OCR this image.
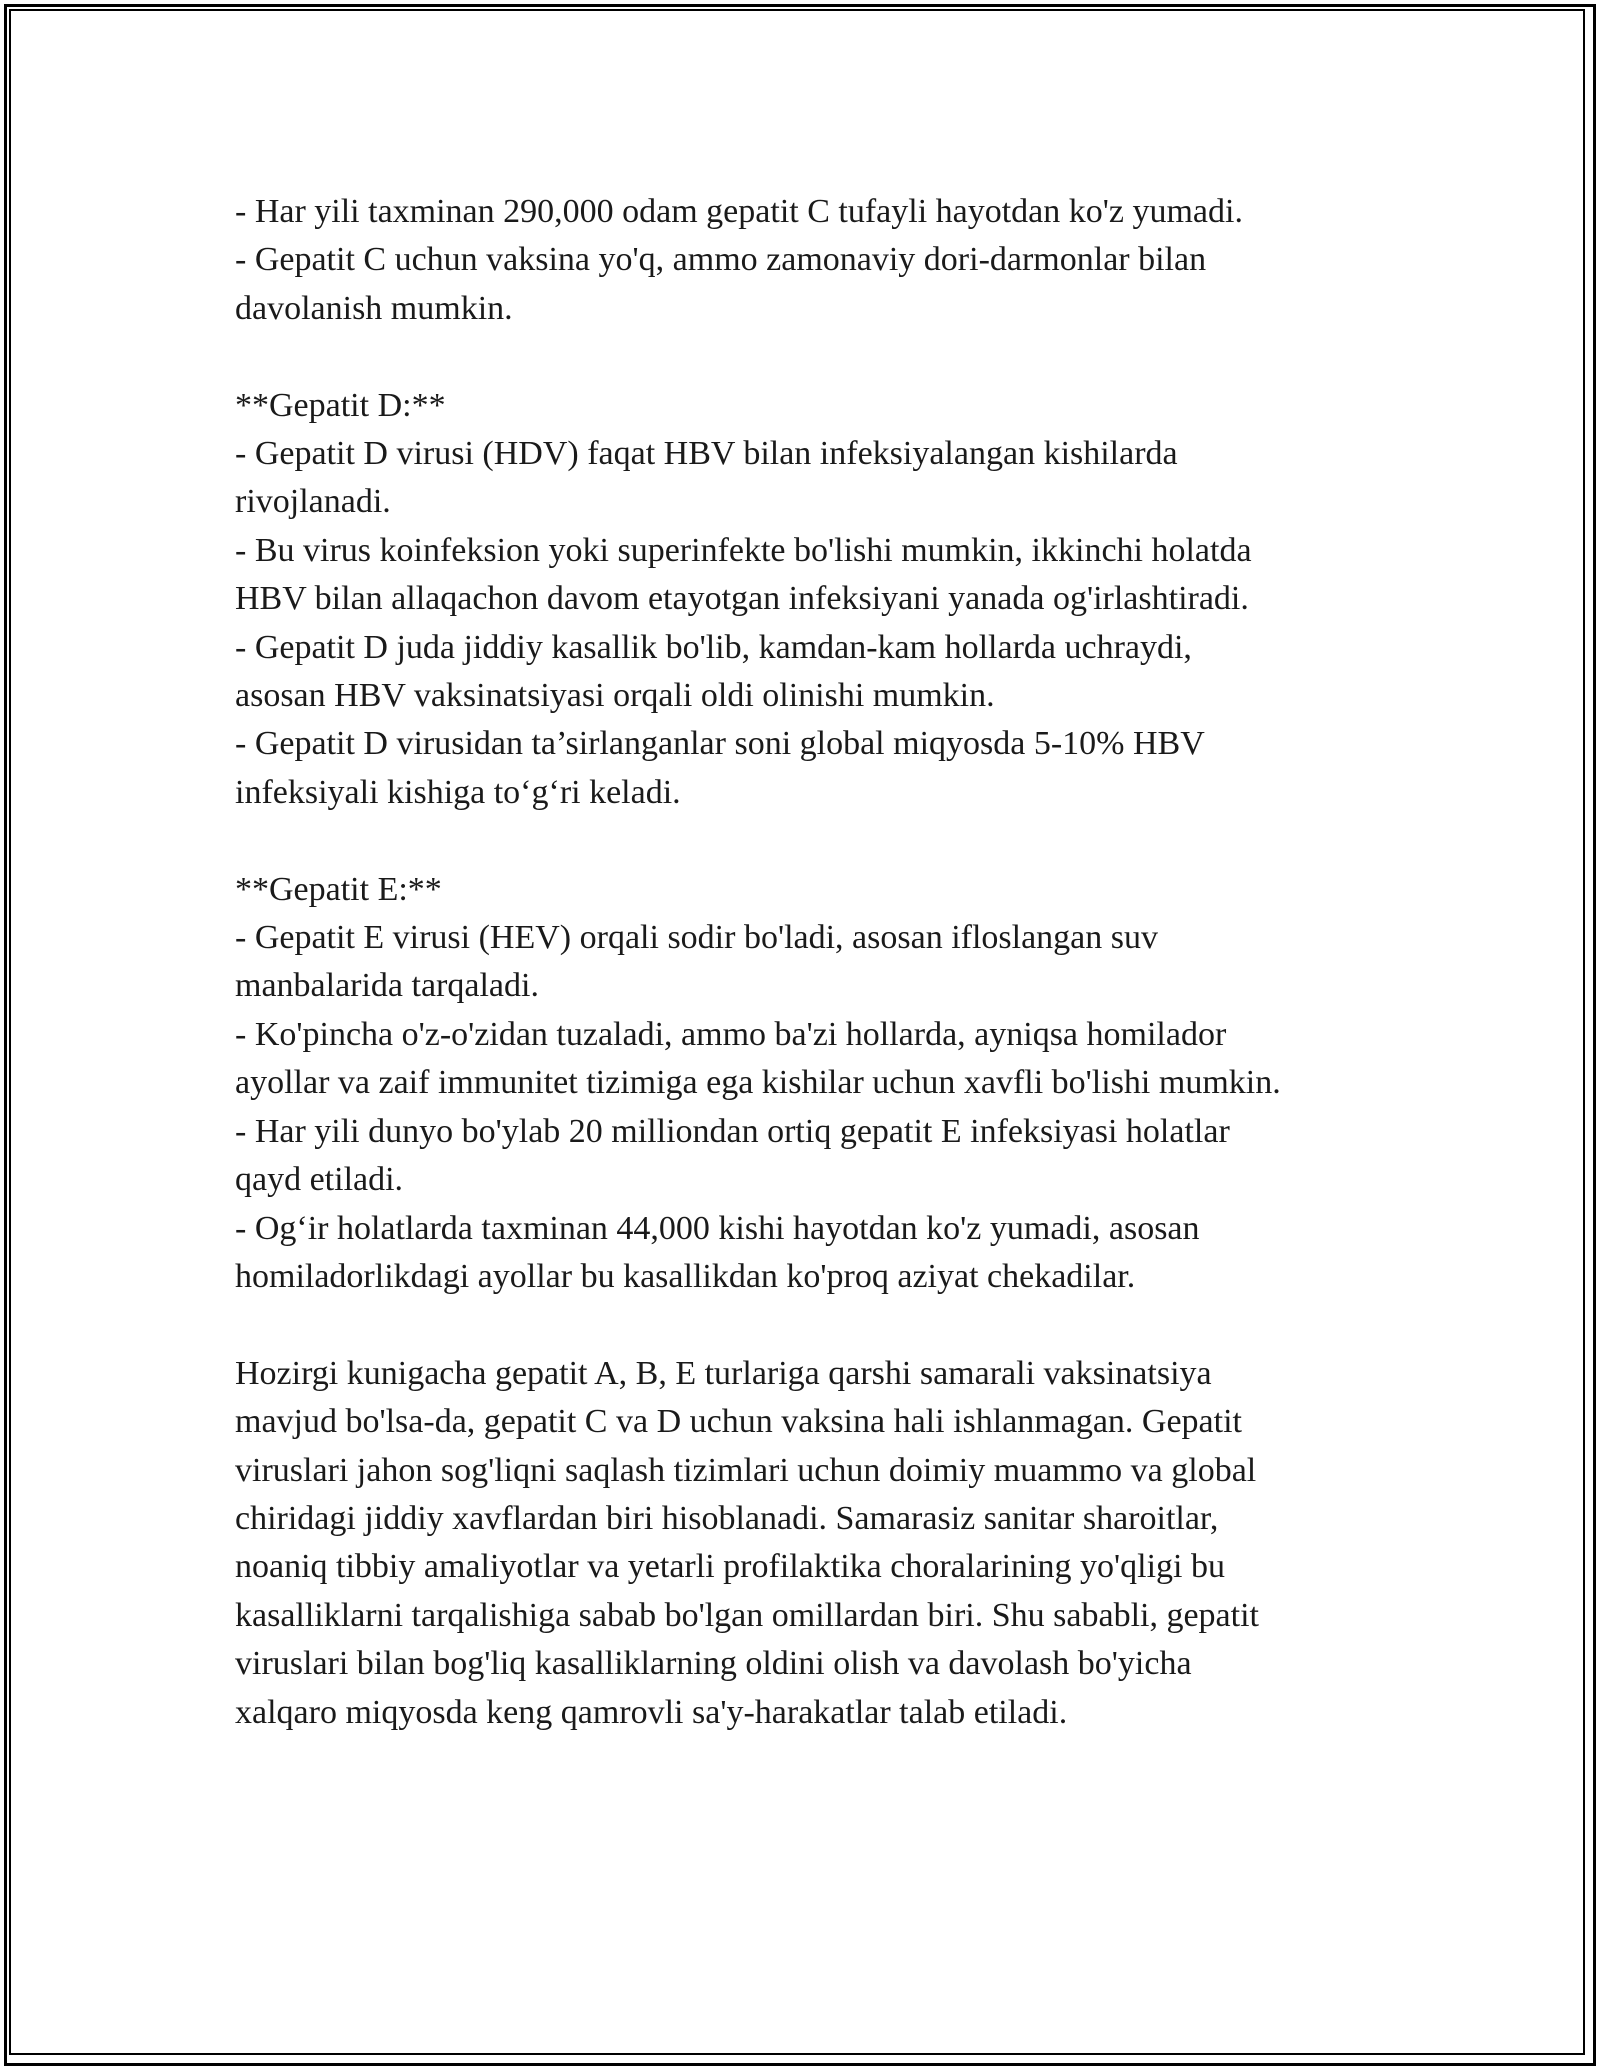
- Har yili taxminan 290,000 odam gepatit C tufayli hayotdan ko'z yumadi.
- Gepatit C uchun vaksina yo'q, ammo zamonaviy dori-darmonlar bilan
davolanish mumkin.
**Gepatit D:**
- Gepatit D virusi (HDV) faqat HBV bilan infeksiyalangan kishilarda
rivojlanadi.
- Bu virus koinfeksion yoki superinfekte bo'lishi mumkin, ikkinchi holatda
HBV bilan allaqachon davom etayotgan infeksiyani yanada og'irlashtiradi.
- Gepatit D juda jiddiy kasallik bo'lib, kamdan-kam hollarda uchraydi,
asosan HBV vaksinatsiyasi orqali oldi olinishi mumkin.
- Gepatit D virusidan ta’sirlanganlar soni global miqyosda 5-10% HBV
infeksiyali kishiga to‘g‘ri keladi.
**Gepatit E:**
- Gepatit E virusi (HEV) orqali sodir bo'ladi, asosan ifloslangan suv
manbalarida tarqaladi.
- Ko'pincha o'z-o'zidan tuzaladi, ammo ba'zi hollarda, ayniqsa homilador
ayollar va zaif immunitet tizimiga ega kishilar uchun xavfli bo'lishi mumkin.
- Har yili dunyo bo'ylab 20 milliondan ortiq gepatit E infeksiyasi holatlar
qayd etiladi.
- Og‘ir holatlarda taxminan 44,000 kishi hayotdan ko'z yumadi, asosan
homiladorlikdagi ayollar bu kasallikdan ko'proq aziyat chekadilar.
Hozirgi kunigacha gepatit A, B, E turlariga qarshi samarali vaksinatsiya
mavjud bo'lsa-da, gepatit C va D uchun vaksina hali ishlanmagan. Gepatit
viruslari jahon sog'liqni saqlash tizimlari uchun doimiy muammo va global
chiridagi jiddiy xavflardan biri hisoblanadi. Samarasiz sanitar sharoitlar,
noaniq tibbiy amaliyotlar va yetarli profilaktika choralarining yo'qligi bu
kasalliklarni tarqalishiga sabab bo'lgan omillardan biri. Shu sababli, gepatit
viruslari bilan bog'liq kasalliklarning oldini olish va davolash bo'yicha
xalqaro miqyosda keng qamrovli sa'y-harakatlar talab etiladi.
